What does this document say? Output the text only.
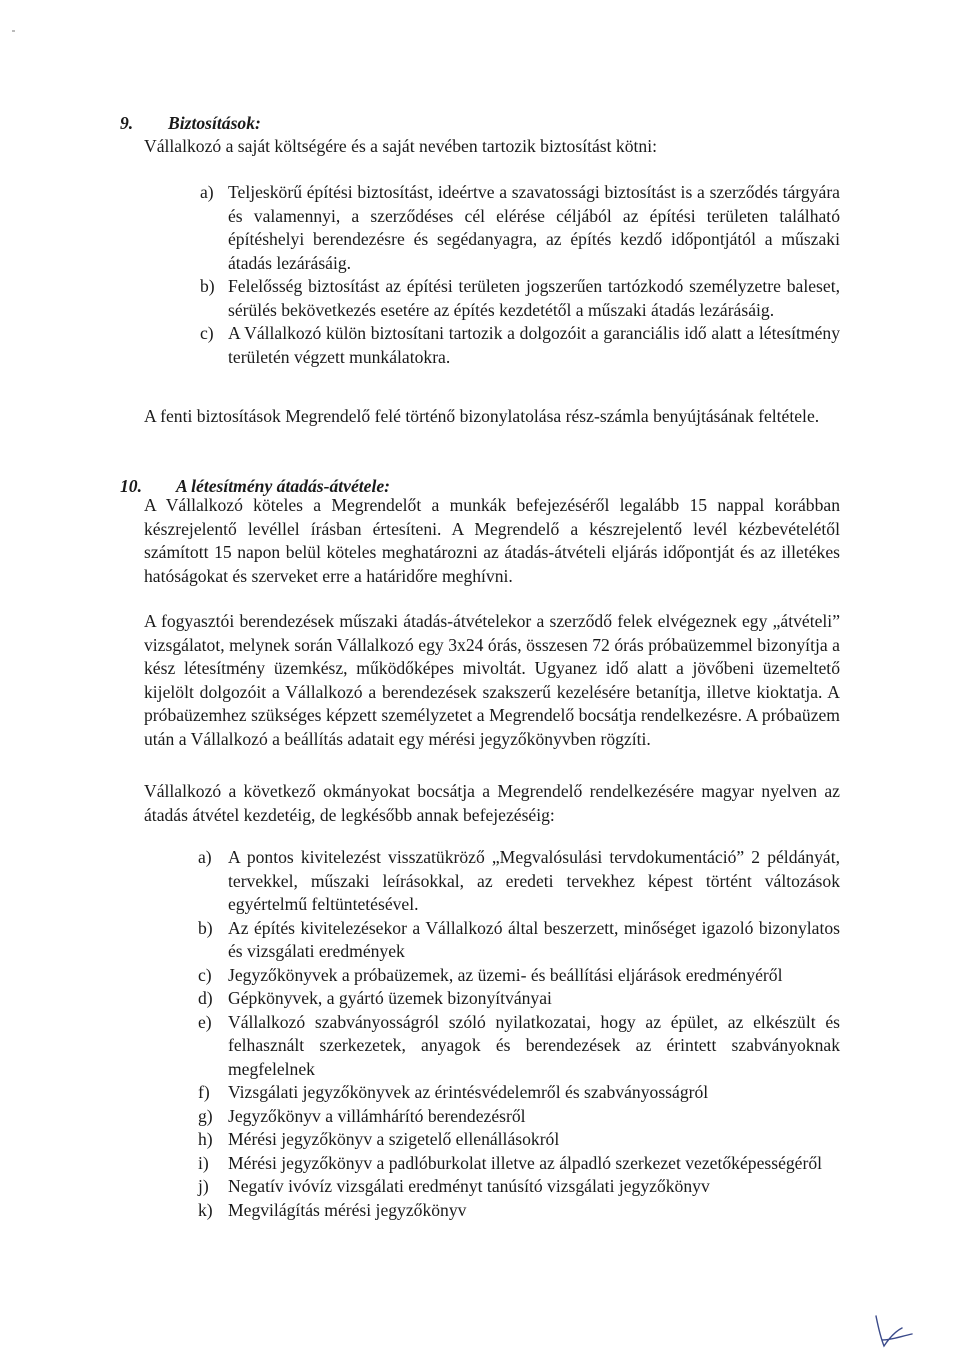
9. Biztosítások:
Vállalkozó a saját költségére és a saját nevében tartozik biztosítást kötni:
a) Teljeskörű építési biztosítást, ideértve a szavatossági biztosítást is a szerződés tárgyára és valamennyi, a szerződéses cél elérése céljából az építési területen található építéshelyi berendezésre és segédanyagra, az építés kezdő időpontjától a műszaki átadás lezárásáig.
b) Felelősség biztosítást az építési területen jogszerűen tartózkodó személyzetre baleset, sérülés bekövetkezés esetére az építés kezdetétől a műszaki átadás lezárásáig.
c) A Vállalkozó külön biztosítani tartozik a dolgozóit a garanciális idő alatt a létesítmény területén végzett munkálatokra.
A fenti biztosítások Megrendelő felé történő bizonylatolása rész-számla benyújtásának feltétele.
10. A létesítmény átadás-átvétele:
A Vállalkozó köteles a Megrendelőt a munkák befejezéséről legalább 15 nappal korábban készrejelentő levéllel írásban értesíteni. A Megrendelő a készrejelentő levél kézbevételétől számított 15 napon belül köteles meghatározni az átadás-átvételi eljárás időpontját és az illetékes hatóságokat és szerveket erre a határidőre meghívni.
A fogyasztói berendezések műszaki átadás-átvételekor a szerződő felek elvégeznek egy „átvételi” vizsgálatot, melynek során Vállalkozó egy 3x24 órás, összesen 72 órás próbaüzemmel bizonyítja a kész létesítmény üzemkész, működőképes mivoltát. Ugyanez idő alatt a jövőbeni üzemeltető kijelölt dolgozóit a Vállalkozó a berendezések szakszerű kezelésére betanítja, illetve kioktatja. A próbaüzemhez szükséges képzett személyzetet a Megrendelő bocsátja rendelkezésre. A próbaüzem után a Vállalkozó a beállítás adatait egy mérési jegyzőkönyvben rögzíti.
Vállalkozó a következő okmányokat bocsátja a Megrendelő rendelkezésére magyar nyelven az átadás átvétel kezdetéig, de legkésőbb annak befejezéséig:
a) A pontos kivitelezést visszatükröző „Megvalósulási tervdokumentáció” 2 példányát, tervekkel, műszaki leírásokkal, az eredeti tervekhez képest történt változások egyértelmű feltüntetésével.
b) Az építés kivitelezésekor a Vállalkozó által beszerzett, minőséget igazoló bizonylatos és vizsgálati eredmények
c) Jegyzőkönyvek a próbaüzemek, az üzemi- és beállítási eljárások eredményéről
d) Gépkönyvek, a gyártó üzemek bizonyítványai
e) Vállalkozó szabványosságról szóló nyilatkozatai, hogy az épület, az elkészült és felhasznált szerkezetek, anyagok és berendezések az érintett szabványoknak megfelelnek
f) Vizsgálati jegyzőkönyvek az érintésvédelemről és szabványosságról
g) Jegyzőkönyv a villámhárító berendezésről
h) Mérési jegyzőkönyv a szigetelő ellenállásokról
i) Mérési jegyzőkönyv a padlóburkolat illetve az álpadló szerkezet vezetőképességéről
j) Negatív ivóvíz vizsgálati eredményt tanúsító vizsgálati jegyzőkönyv
k) Megvilágítás mérési jegyzőkönyv
